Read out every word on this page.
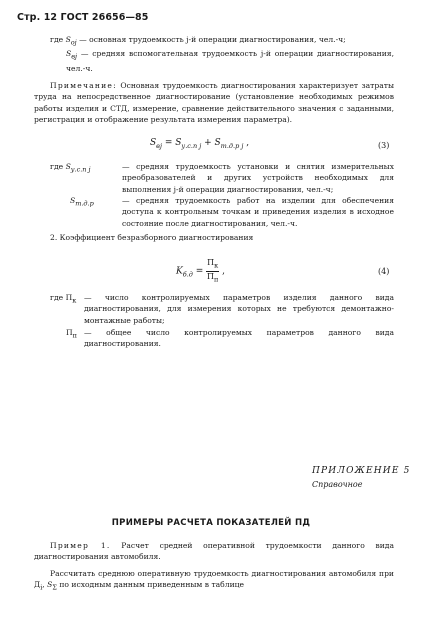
Стр. 12 ГОСТ 26656—85
где $S_{oj}$ — основная трудоемкость j-й операции диагностирования, чел.-ч;
$S_{вj}$ — средняя вспомогательная трудоемкость j-й операции диагностирования, чел.-ч.
Примечание: Основная трудоемкость диагностирования характеризует затраты труда на непосредственное диагностирование (установление необходимых режимов работы изделия и СТД, измерение, сравнение действительного значения с заданными, регистрация и отображение результата измерения параметра).
$S_{вj} = S_{у.с.п j} + S_{т.д.р j}$ ,	(3)
где $S_{у.с.п j}$	— средняя трудоемкость установки и снятия измерительных преобразователей и других устройств необходимых для выполнения j-й операции диагностирования, чел.-ч;
$S_{т.д.р}$	— средняя трудоемкость работ на изделии для обеспечения доступа к контрольным точкам и приведения изделия в исходное состояние после диагностирования, чел.-ч.
2. Коэффициент безразборного диагностирования
$K_{б.д} = \frac{П_к}{П_п}$ ,	(4)
где $П_к$	— число контролируемых параметров изделия данного вида диагностирования, для измерения которых не требуются демонтажно-монтажные работы;
$П_п$ — общее число контролируемых параметров данного вида диагностирования.
ПРИЛОЖЕНИЕ 5
Справочное
ПРИМЕРЫ РАСЧЕТА ПОКАЗАТЕЛЕЙ ПД
Пример 1. Расчет средней оперативной трудоемкости данного вида диагностирования автомобиля.
Рассчитать среднюю оперативную трудоемкость диагностирования автомобиля при $Д_i$, $S_\Sigma$ по исходным данным приведенным в таблице
